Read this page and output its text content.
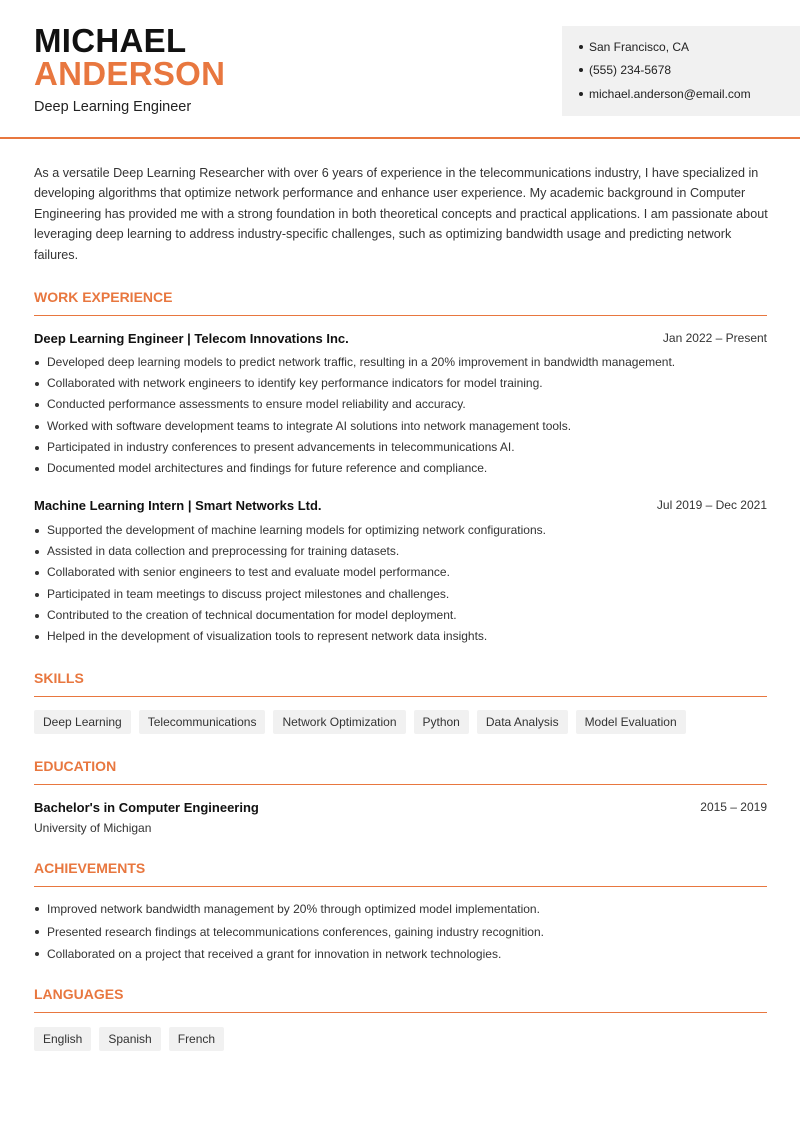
MICHAEL
ANDERSON
Deep Learning Engineer
San Francisco, CA
(555) 234-5678
michael.anderson@email.com

As a versatile Deep Learning Researcher with over 6 years of experience in the telecommunications industry, I have specialized in developing algorithms that optimize network performance and enhance user experience. My academic background in Computer Engineering has provided me with a strong foundation in both theoretical concepts and practical applications. I am passionate about leveraging deep learning to address industry-specific challenges, such as optimizing bandwidth usage and predicting network failures.

WORK EXPERIENCE
Deep Learning Engineer | Telecom Innovations Inc.	Jan 2022 – Present
Developed deep learning models to predict network traffic, resulting in a 20% improvement in bandwidth management.
Collaborated with network engineers to identify key performance indicators for model training.
Conducted performance assessments to ensure model reliability and accuracy.
Worked with software development teams to integrate AI solutions into network management tools.
Participated in industry conferences to present advancements in telecommunications AI.
Documented model architectures and findings for future reference and compliance.
Machine Learning Intern | Smart Networks Ltd.	Jul 2019 – Dec 2021
Supported the development of machine learning models for optimizing network configurations.
Assisted in data collection and preprocessing for training datasets.
Collaborated with senior engineers to test and evaluate model performance.
Participated in team meetings to discuss project milestones and challenges.
Contributed to the creation of technical documentation for model deployment.
Helped in the development of visualization tools to represent network data insights.
SKILLS
Deep Learning	Telecommunications	Network Optimization	Python	Data Analysis	Model Evaluation
EDUCATION
Bachelor's in Computer Engineering	2015 – 2019
University of Michigan
ACHIEVEMENTS
Improved network bandwidth management by 20% through optimized model implementation.
Presented research findings at telecommunications conferences, gaining industry recognition.
Collaborated on a project that received a grant for innovation in network technologies.
LANGUAGES
English	Spanish	French
